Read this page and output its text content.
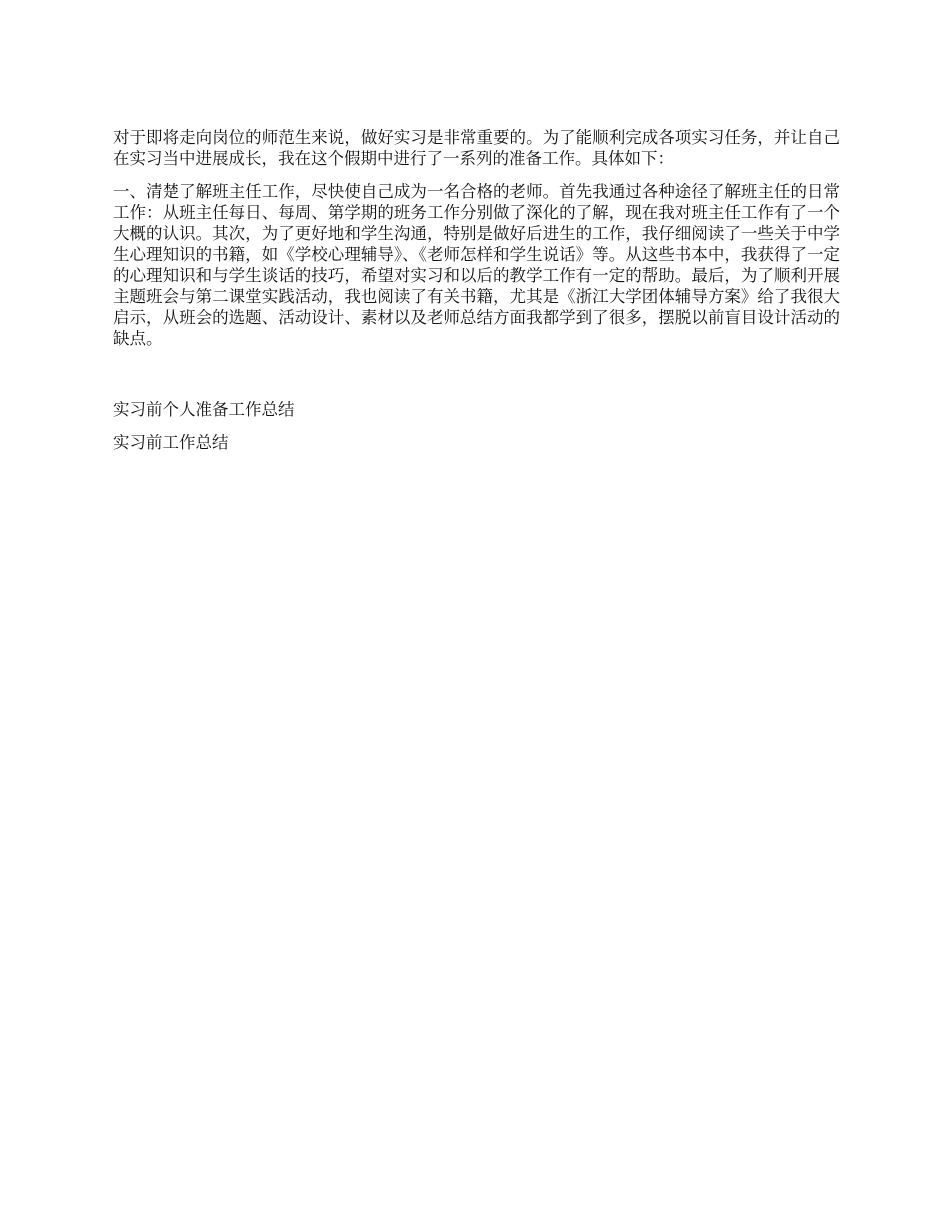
对于即将走向岗位的师范生来说，做好实习是非常重要的。为了能顺利完成各项实习任务，并让自己在实习当中进展成长，我在这个假期中进行了一系列的准备工作。具体如下：

一、清楚了解班主任工作，尽快使自己成为一名合格的老师。首先我通过各种途径了解班主任的日常工作：从班主任每日、每周、第学期的班务工作分别做了深化的了解，现在我对班主任工作有了一个大概的认识。其次，为了更好地和学生沟通，特别是做好后进生的工作，我仔细阅读了一些关于中学生心理知识的书籍，如《学校心理辅导》、《老师怎样和学生说话》等。从这些书本中，我获得了一定的心理知识和与学生谈话的技巧，希望对实习和以后的教学工作有一定的帮助。最后，为了顺利开展主题班会与第二课堂实践活动，我也阅读了有关书籍，尤其是《浙江大学团体辅导方案》给了我很大启示，从班会的选题、活动设计、素材以及老师总结方面我都学到了很多，摆脱以前盲目设计活动的缺点。

实习前个人准备工作总结

实习前工作总结
